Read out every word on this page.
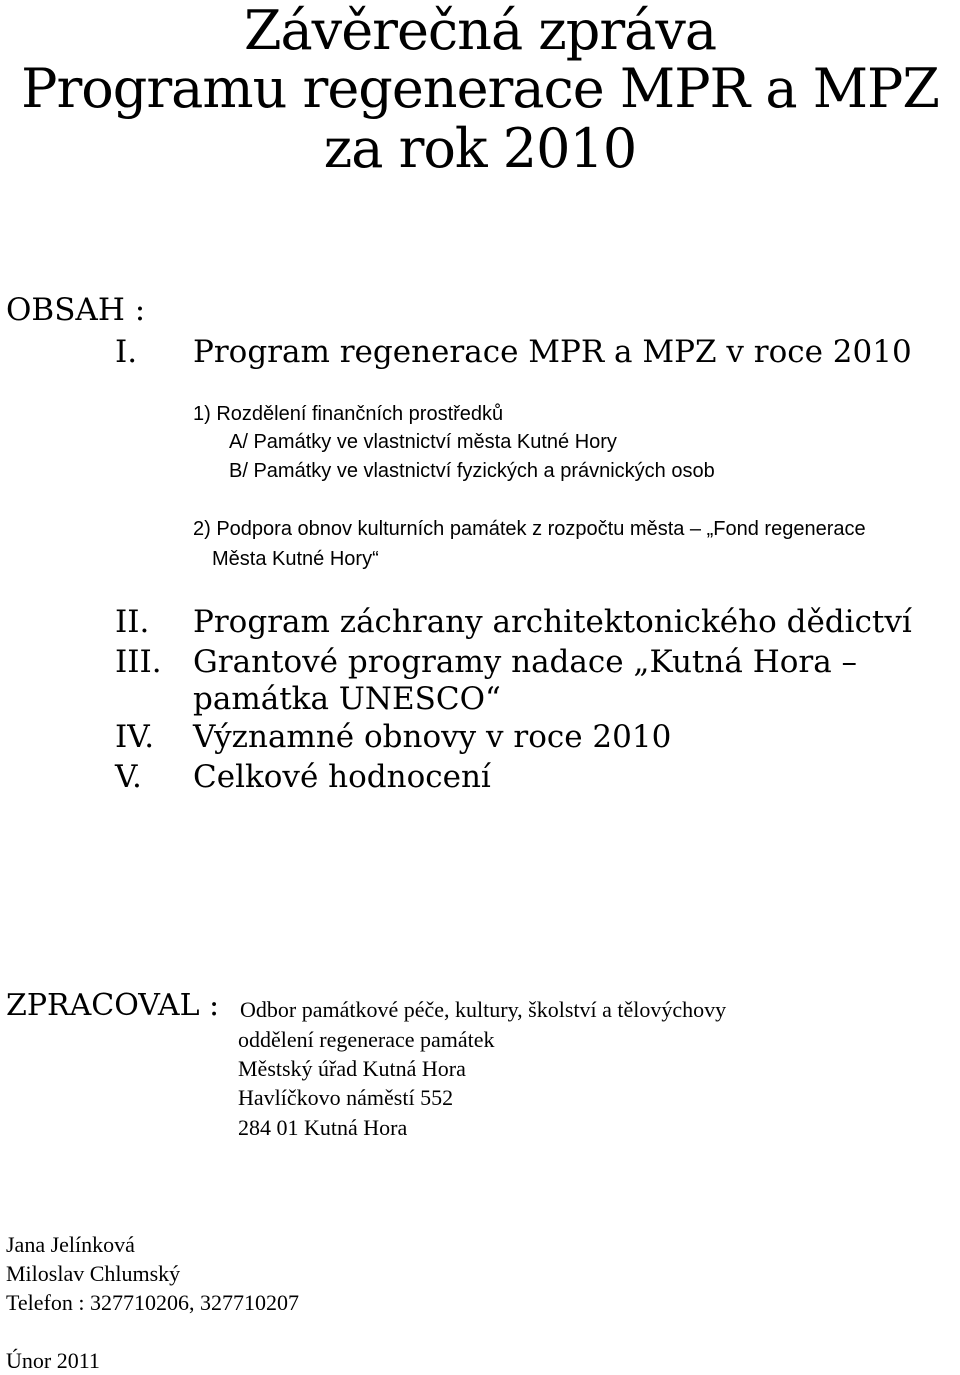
Závěrečná zpráva
Programu regenerace MPR a MPZ
za rok 2010
OBSAH :
I. Program regenerace MPR a MPZ v roce 2010
1) Rozdělení finančních prostředků
A/ Památky ve vlastnictví města Kutné Hory
B/ Památky ve vlastnictví fyzických a právnických osob
2) Podpora obnov kulturních památek z rozpočtu města – „Fond regenerace
Města Kutné Hory“
II. Program záchrany architektonického dědictví
III. Grantové programy nadace „Kutná Hora –
památka UNESCO“
IV. Významné obnovy v roce 2010
V. Celkové hodnocení
ZPRACOVAL : Odbor památkové péče, kultury, školství a tělovýchovy
oddělení regenerace památek
Městský úřad Kutná Hora
Havlíčkovo náměstí 552
284 01 Kutná Hora
Jana Jelínková
Miloslav Chlumský
Telefon : 327710206, 327710207
Únor 2011
